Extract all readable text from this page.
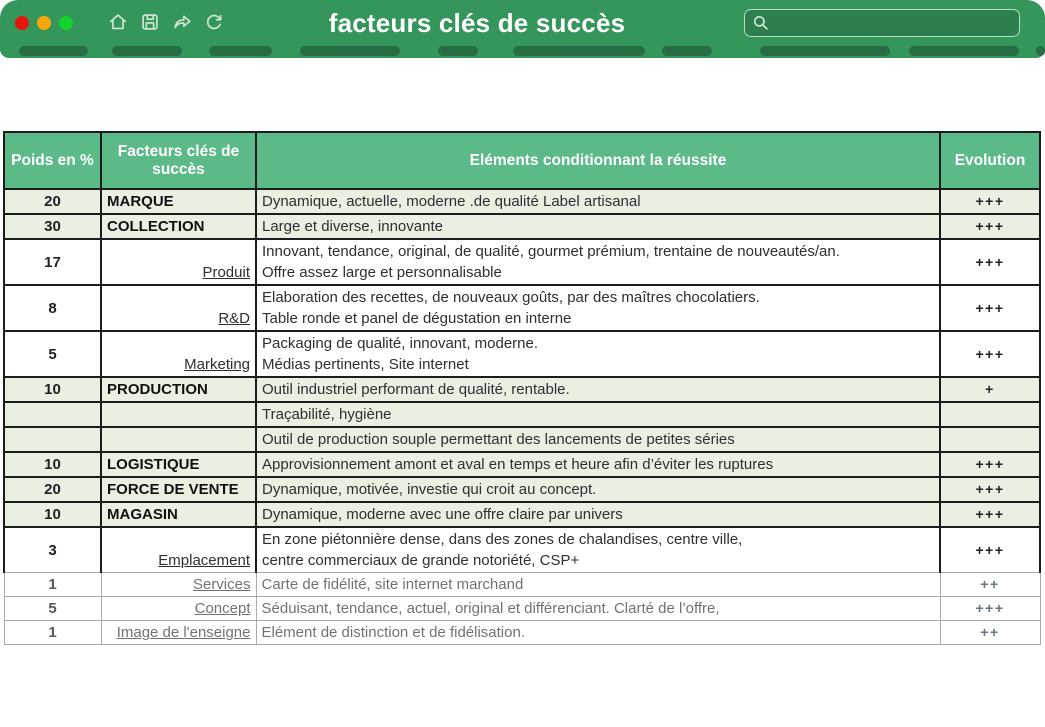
facteurs clés de succès
Poids en %	Facteurs clés de succès	Eléments conditionnant la réussite	Evolution
20	MARQUE	Dynamique, actuelle, moderne .de qualité Label artisanal	+++
30	COLLECTION	Large et diverse, innovante	+++
17	Produit	Innovant, tendance, original, de qualité, gourmet prémium, trentaine de nouveautés/an.
Offre assez large et personnalisable	+++
8	R&D	Elaboration des recettes, de nouveaux goûts, par des maîtres chocolatiers.
Table ronde et panel de dégustation en interne	+++
5	Marketing	Packaging de qualité, innovant, moderne.
Médias pertinents, Site internet	+++
10	PRODUCTION	Outil industriel performant de qualité, rentable.	+

		Traçabilité, hygiène	

		Outil de production souple permettant des lancements de petites séries	

10	LOGISTIQUE	Approvisionnement amont et aval en temps et heure afin d’éviter les ruptures	+++
20	FORCE DE VENTE	Dynamique, motivée, investie qui croit au concept.	+++
10	MAGASIN	Dynamique, moderne avec une offre claire par univers	+++
3	Emplacement	En zone piétonnière dense, dans des zones de chalandises, centre ville,
centre commerciaux de grande notoriété, CSP+	+++
1	Services	Carte de fidélité, site internet marchand	++
5	Concept	Séduisant, tendance, actuel, original et différenciant. Clarté de l’offre,	+++
1	Image de l'enseigne	Elément de distinction et de fidélisation.	++
